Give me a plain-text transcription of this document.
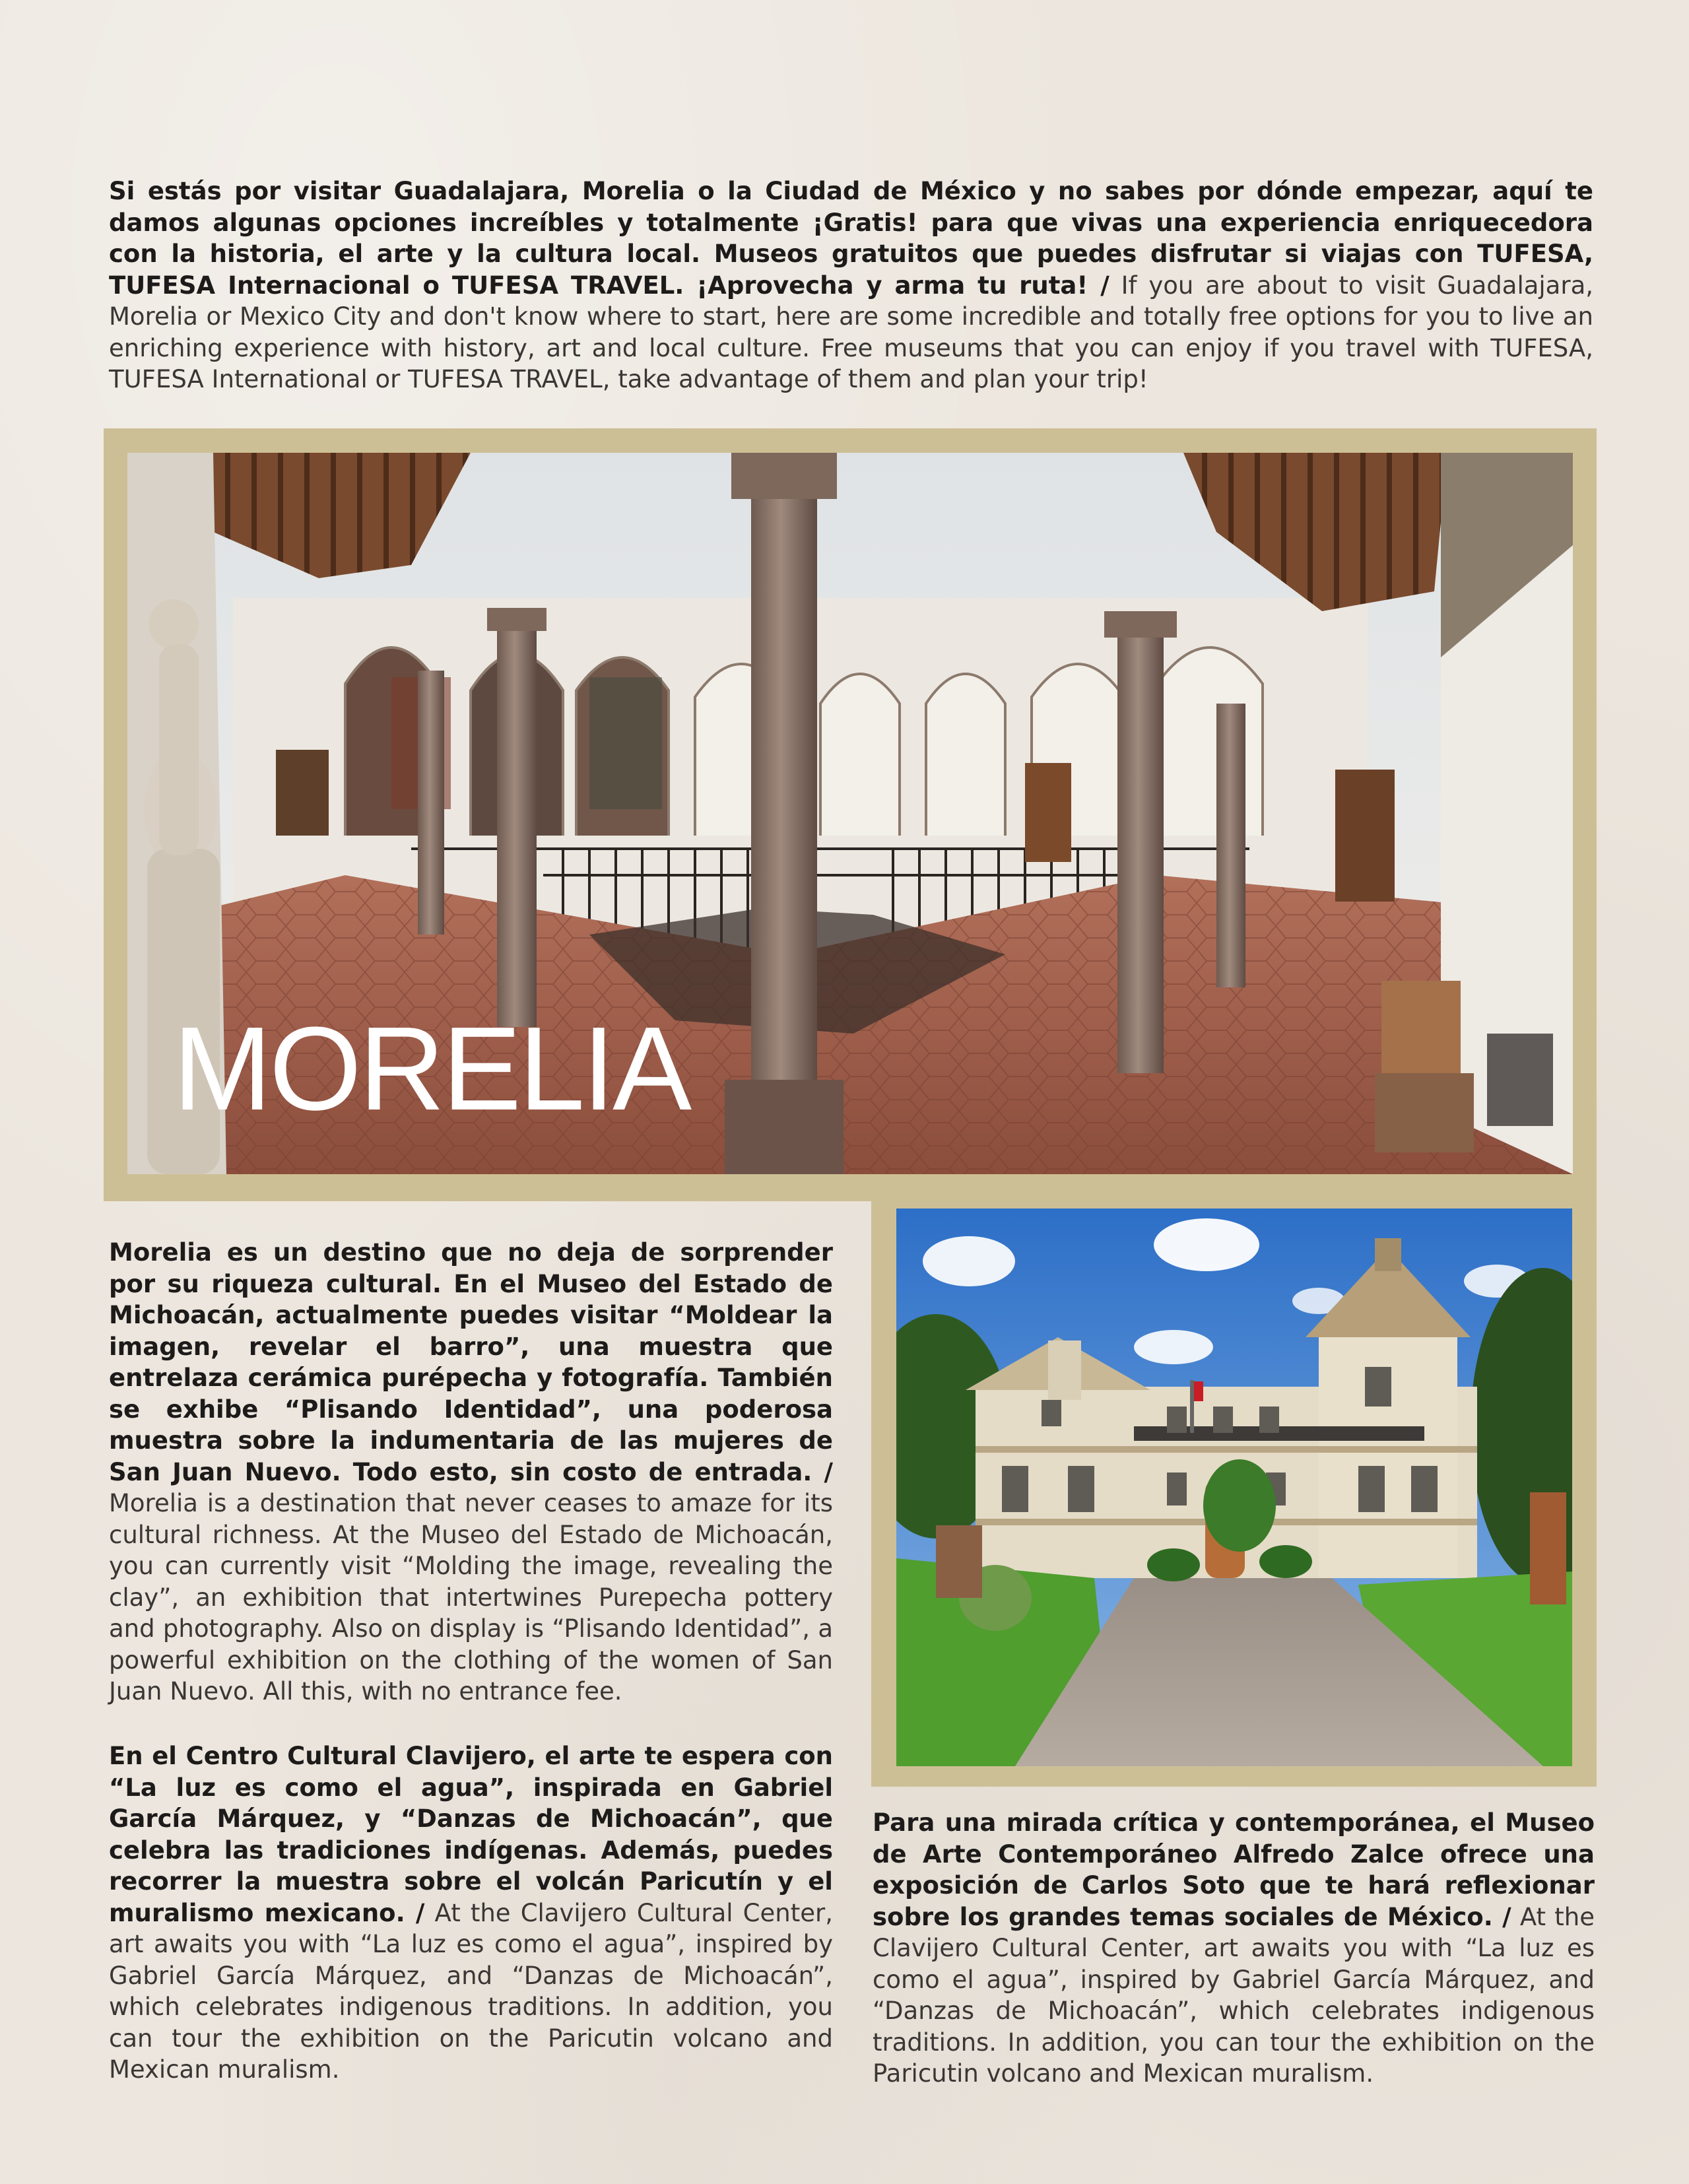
Si estás por visitar Guadalajara, Morelia o la Ciudad de México y no sabes por dónde empezar, aquí te damos algunas opciones increíbles y totalmente ¡Gratis! para que vivas una experiencia enriquecedora con la historia, el arte y la cultura local. Museos gratuitos que puedes disfrutar si viajas con TUFESA, TUFESA Internacional o TUFESA TRAVEL. ¡Aprovecha y arma tu ruta! / If you are about to visit Guadalajara, Morelia or Mexico City and don't know where to start, here are some incredible and totally free options for you to live an enriching experience with history, art and local culture. Free museums that you can enjoy if you travel with TUFESA, TUFESA International or TUFESA TRAVEL, take advantage of them and plan your trip!
MORELIA
Morelia es un destino que no deja de sorprender por su riqueza cultural. En el Museo del Estado de Michoacán, actualmente puedes visitar “Moldear la imagen, revelar el barro”, una muestra que entrelaza cerámica purépecha y fotografía. También se exhibe “Plisando Identidad”, una poderosa muestra sobre la indumentaria de las mujeres de San Juan Nuevo. Todo esto, sin costo de entrada. / Morelia is a destination that never ceases to amaze for its cultural richness. At the Museo del Estado de Michoacán, you can currently visit “Molding the image, revealing the clay”, an exhibition that intertwines Purepecha pottery and photography. Also on display is “Plisando Identidad”, a powerful exhibition on the clothing of the women of San Juan Nuevo. All this, with no entrance fee.
En el Centro Cultural Clavijero, el arte te espera con “La luz es como el agua”, inspirada en Gabriel García Márquez, y “Danzas de Michoacán”, que celebra las tradiciones indígenas. Además, puedes recorrer la muestra sobre el volcán Paricutín y el muralismo mexicano. / At the Clavijero Cultural Center, art awaits you with “La luz es como el agua”, inspired by Gabriel García Márquez, and “Danzas de Michoacán”, which celebrates indigenous traditions. In addition, you can tour the exhibition on the Paricutin volcano and Mexican muralism.
Para una mirada crítica y contemporánea, el Museo de Arte Contemporáneo Alfredo Zalce ofrece una exposición de Carlos Soto que te hará reflexionar sobre los grandes temas sociales de México. / At the Clavijero Cultural Center, art awaits you with “La luz es como el agua”, inspired by Gabriel García Márquez, and “Danzas de Michoacán”, which celebrates indigenous traditions. In addition, you can tour the exhibition on the Paricutin volcano and Mexican muralism.
